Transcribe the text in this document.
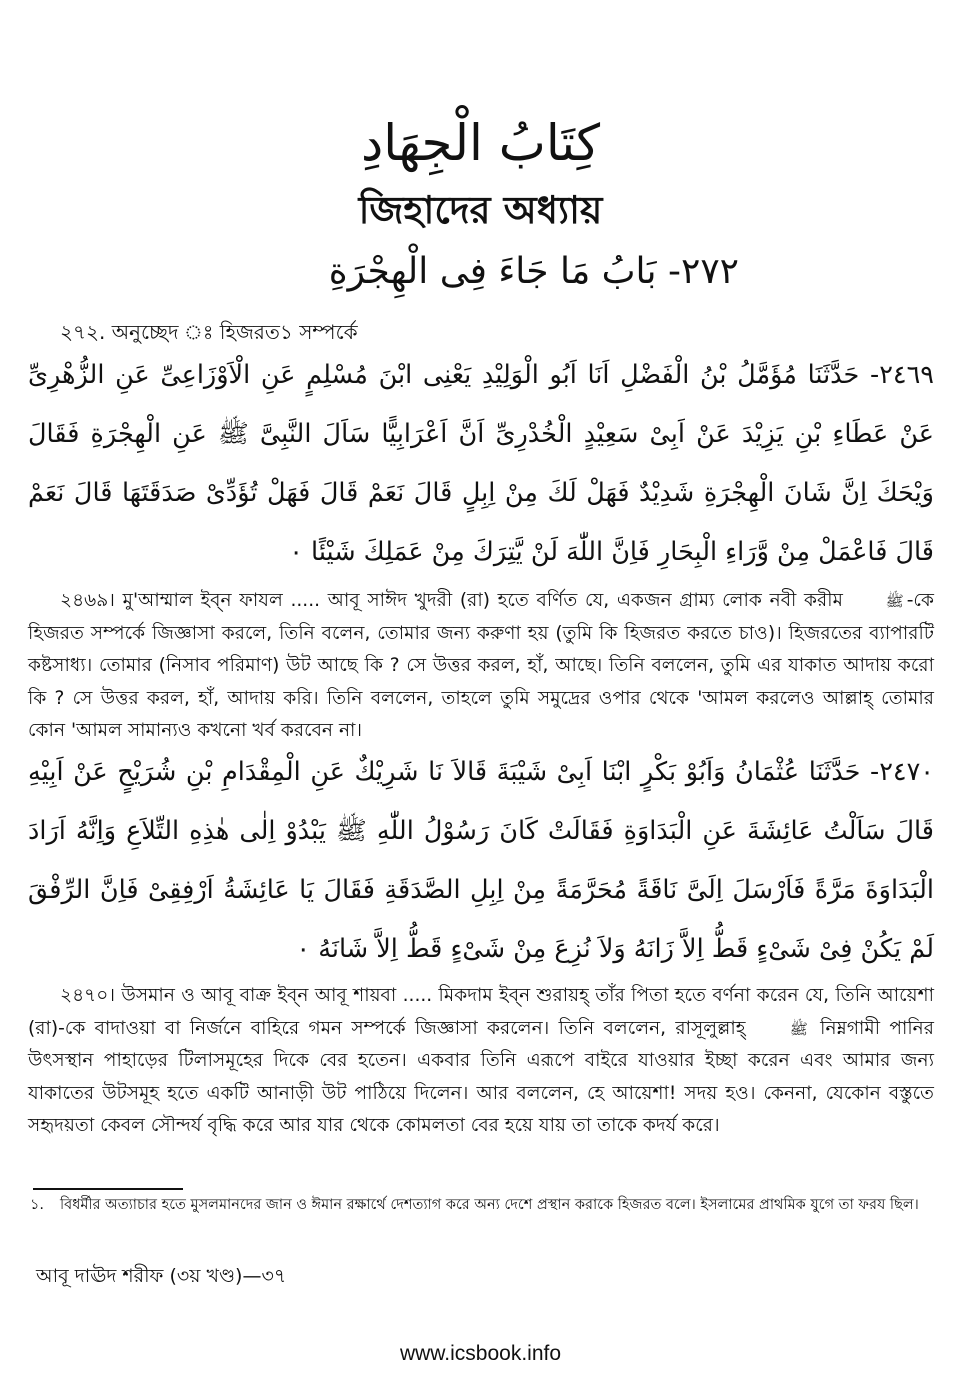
كِتَابُ الْجِهَادِ
জিহাদের অধ্যায়
٢٧٢- بَابُ مَا جَاءَ فِى الْهِجْرَةِ
২৭২. অনুচ্ছেদ ঃ হিজরত১ সম্পর্কে
٢٤٦٩- حَدَّثَنَا مُؤَمَّلُ بْنُ الْفَضْلِ اَنَا اَبُو الْوَلِيْدِ يَعْنِى ابْنَ مُسْلِمٍ عَنِ الْاَوْزَاعِىِّ عَنِ الزُّهْرِىِّ عَنْ عَطَاءِ بْنِ يَزِيْدَ عَنْ اَبِىْ سَعِيْدٍ الْخُدْرِىِّ اَنَّ اَعْرَابِيًّا سَاَلَ النَّبِىَّ ﷺ عَنِ الْهِجْرَةِ فَقَالَ وَيْحَكَ اِنَّ شَانَ الْهِجْرَةِ شَدِيْدٌ فَهَلْ لَكَ مِنْ اِبِلٍ قَالَ نَعَمْ قَالَ فَهَلْ تُؤَدِّىْ صَدَقَتَهَا قَالَ نَعَمْ قَالَ فَاعْمَلْ مِنْ وَّرَاءِ الْبِحَارِ فَاِنَّ اللّٰهَ لَنْ يَّتِرَكَ مِنْ عَمَلِكَ شَيْئًا ٠

২৪৬৯। মু'আম্মাল ইব্ন ফাযল ..... আবূ সাঈদ খুদরী (রা) হতে বর্ণিত যে, একজন গ্রাম্য লোক নবী করীম	ﷺ -কে হিজরত সম্পর্কে জিজ্ঞাসা করলে, তিনি বলেন, তোমার জন্য করুণা হয় (তুমি কি হিজরত করতে চাও)। হিজরতের ব্যাপারটি কষ্টসাধ্য। তোমার (নিসাব পরিমাণ) উট আছে কি ? সে উত্তর করল, হাঁ, আছে। তিনি বললেন, তুমি এর যাকাত আদায় করো কি ? সে উত্তর করল, হাঁ, আদায় করি। তিনি বললেন, তাহলে তুমি সমুদ্রের ওপার থেকে 'আমল করলেও আল্লাহ্ তোমার কোন 'আমল সামান্যও কখনো খর্ব করবেন না।

٢٤٧٠- حَدَّثَنَا عُثْمَانُ وَاَبُوْ بَكْرٍ ابْنَا اَبِىْ شَيْبَةَ قَالاَ نَا شَرِيْكٌ عَنِ الْمِقْدَامِ بْنِ شُرَيْحٍ عَنْ اَبِيْهِ قَالَ سَاَلْتُ عَائِشَةَ عَنِ الْبَدَاوَةِ فَقَالَتْ كَانَ رَسُوْلُ اللّٰهِ ﷺ يَبْدُوْ اِلٰى هٰذِهِ التِّلاَعِ وَاِنَّهُ اَرَادَ الْبَدَاوَةَ مَرَّةً فَاَرْسَلَ اِلَىَّ نَاقَةً مُحَرَّمَةً مِنْ اِبِلِ الصَّدَقَةِ فَقَالَ يَا عَائِشَةُ اَرْفِقِىْ فَاِنَّ الرِّفْقَ لَمْ يَكُنْ فِىْ شَىْءٍ قَطُّ اِلاَّ زَانَهُ وَلاَ نُزِعَ مِنْ شَىْءٍ قَطُّ اِلاَّ شَانَهُ ٠

২৪৭০। উসমান ও আবূ বাক্র ইব্ন আবূ শায়বা ..... মিকদাম ইব্ন শুরায়হ্ তাঁর পিতা হতে বর্ণনা করেন যে, তিনি আয়েশা (রা)-কে বাদাওয়া বা নির্জনে বাহিরে গমন সম্পর্কে জিজ্ঞাসা করলেন। তিনি বললেন, রাসূলুল্লাহ্	ﷺ নিম্নগামী পানির উৎসস্থান পাহাড়ের টিলাসমূহের দিকে বের হতেন। একবার তিনি এরূপে বাইরে যাওয়ার ইচ্ছা করেন এবং আমার জন্য যাকাতের উটসমূহ হতে একটি আনাড়ী উট পাঠিয়ে দিলেন। আর বললেন, হে আয়েশা! সদয় হও। কেননা, যেকোন বস্তুতে সহৃদয়তা কেবল সৌন্দর্য বৃদ্ধি করে আর যার থেকে কোমলতা বের হয়ে যায় তা তাকে কদর্য করে।

১. বিধর্মীর অত্যাচার হতে মুসলমানদের জান ও ঈমান রক্ষার্থে দেশত্যাগ করে অন্য দেশে প্রস্থান করাকে হিজরত বলে। ইসলামের প্রাথমিক যুগে তা ফরয ছিল।
আবূ দাঊদ শরীফ (৩য় খণ্ড)—৩৭
www.icsbook.info
